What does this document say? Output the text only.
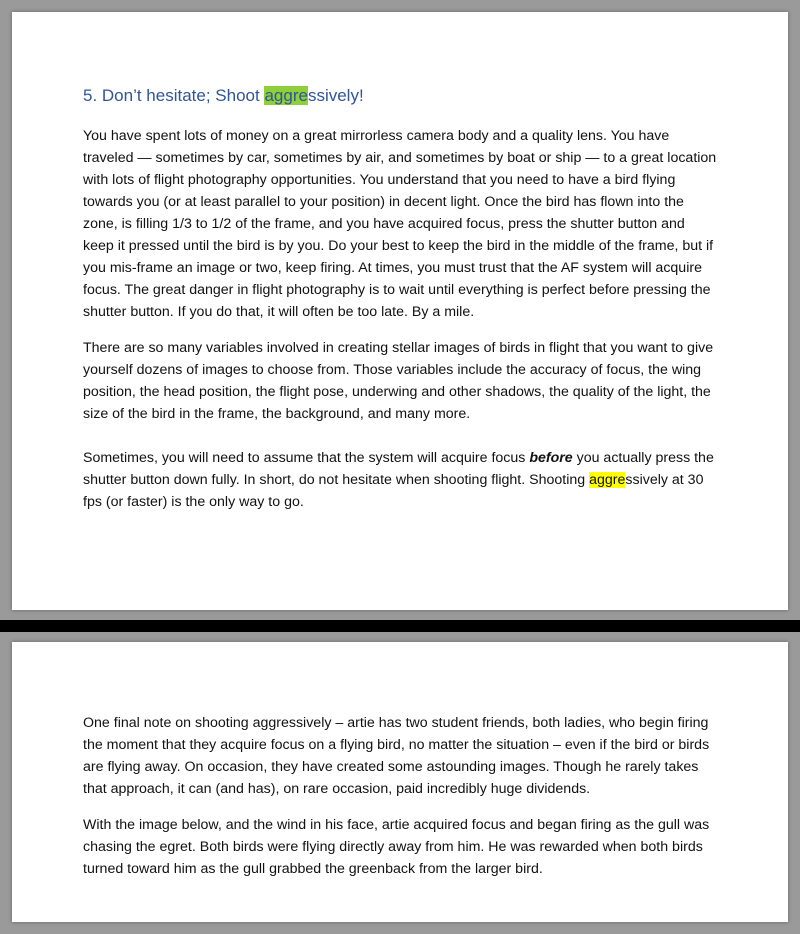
5. Don’t hesitate; Shoot aggressively!

You have spent lots of money on a great mirrorless camera body and a quality lens. You have traveled — sometimes by car, sometimes by air, and sometimes by boat or ship — to a great location with lots of flight photography opportunities. You understand that you need to have a bird flying towards you (or at least parallel to your position) in decent light. Once the bird has flown into the zone, is filling 1/3 to 1/2 of the frame, and you have acquired focus, press the shutter button and keep it pressed until the bird is by you. Do your best to keep the bird in the middle of the frame, but if you mis-frame an image or two, keep firing. At times, you must trust that the AF system will acquire focus. The great danger in flight photography is to wait until everything is perfect before pressing the shutter button. If you do that, it will often be too late. By a mile.

There are so many variables involved in creating stellar images of birds in flight that you want to give yourself dozens of images to choose from. Those variables include the accuracy of focus, the wing position, the head position, the flight pose, underwing and other shadows, the quality of the light, the size of the bird in the frame, the background, and many more.

Sometimes, you will need to assume that the system will acquire focus before you actually press the shutter button down fully. In short, do not hesitate when shooting flight. Shooting aggressively at 30 fps (or faster) is the only way to go.

One final note on shooting aggressively – artie has two student friends, both ladies, who begin firing the moment that they acquire focus on a flying bird, no matter the situation – even if the bird or birds are flying away. On occasion, they have created some astounding images. Though he rarely takes that approach, it can (and has), on rare occasion, paid incredibly huge dividends.

With the image below, and the wind in his face, artie acquired focus and began firing as the gull was chasing the egret. Both birds were flying directly away from him. He was rewarded when both birds turned toward him as the gull grabbed the greenback from the larger bird.
